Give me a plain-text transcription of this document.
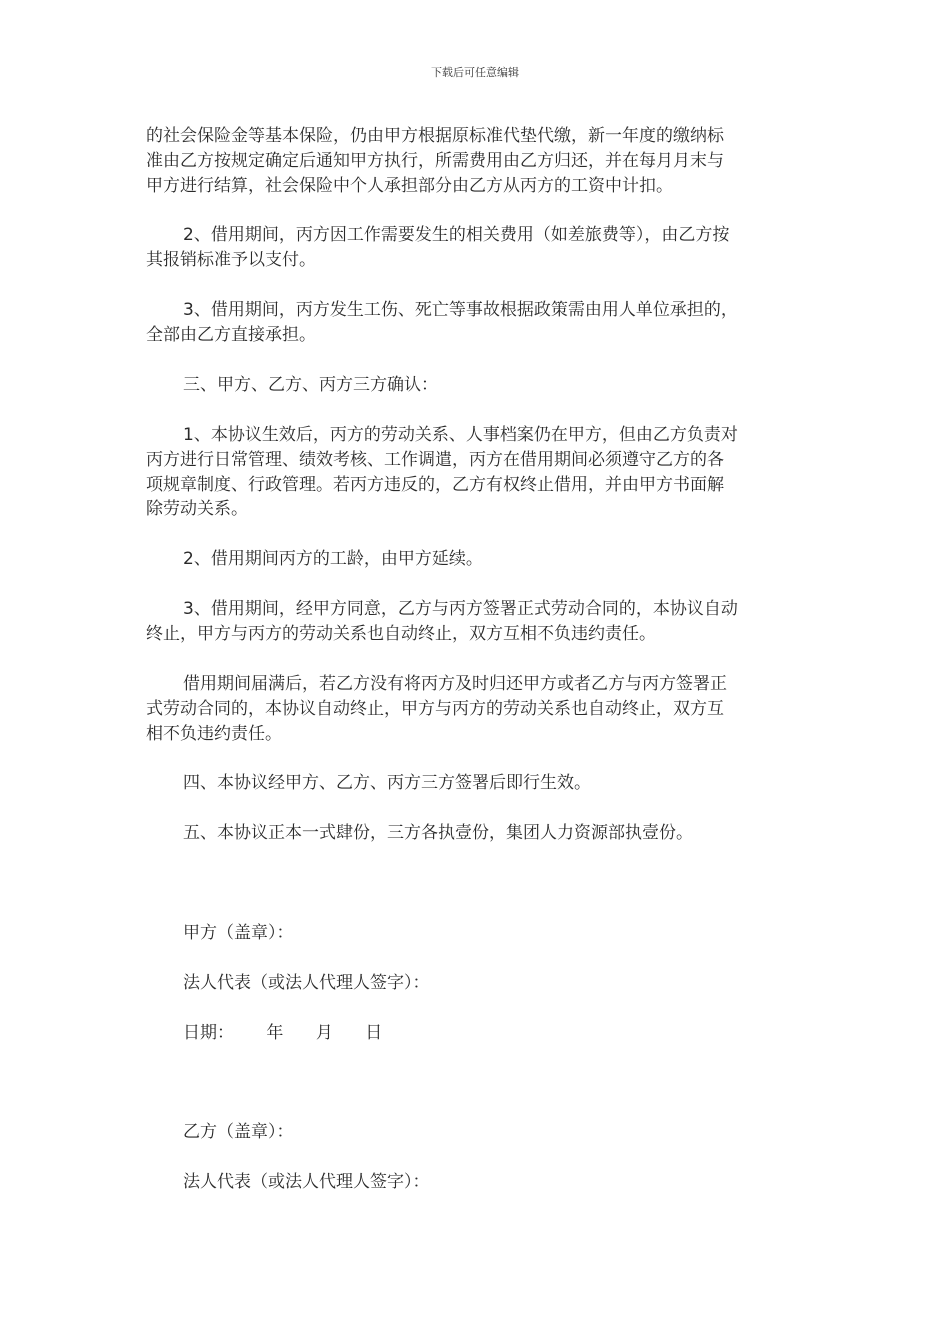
下载后可任意编辑
的社会保险金等基本保险，仍由甲方根据原标准代垫代缴，新一年度的缴纳标
准由乙方按规定确定后通知甲方执行，所需费用由乙方归还，并在每月月末与
甲方进行结算，社会保险中个人承担部分由乙方从丙方的工资中计扣。
2、借用期间，丙方因工作需要发生的相关费用（如差旅费等），由乙方按
其报销标准予以支付。
3、借用期间，丙方发生工伤、死亡等事故根据政策需由用人单位承担的，
全部由乙方直接承担。
三、甲方、乙方、丙方三方确认：
1、本协议生效后，丙方的劳动关系、人事档案仍在甲方，但由乙方负责对
丙方进行日常管理、绩效考核、工作调遣，丙方在借用期间必须遵守乙方的各
项规章制度、行政管理。若丙方违反的，乙方有权终止借用，并由甲方书面解
除劳动关系。
2、借用期间丙方的工龄，由甲方延续。
3、借用期间，经甲方同意，乙方与丙方签署正式劳动合同的，本协议自动
终止，甲方与丙方的劳动关系也自动终止，双方互相不负违约责任。
借用期间届满后，若乙方没有将丙方及时归还甲方或者乙方与丙方签署正
式劳动合同的，本协议自动终止，甲方与丙方的劳动关系也自动终止，双方互
相不负违约责任。
四、本协议经甲方、乙方、丙方三方签署后即行生效。
五、本协议正本一式肆份，三方各执壹份，集团人力资源部执壹份。
甲方（盖章）：
法人代表（或法人代理人签字）：
日期：      年      月      日
乙方（盖章）：
法人代表（或法人代理人签字）：
